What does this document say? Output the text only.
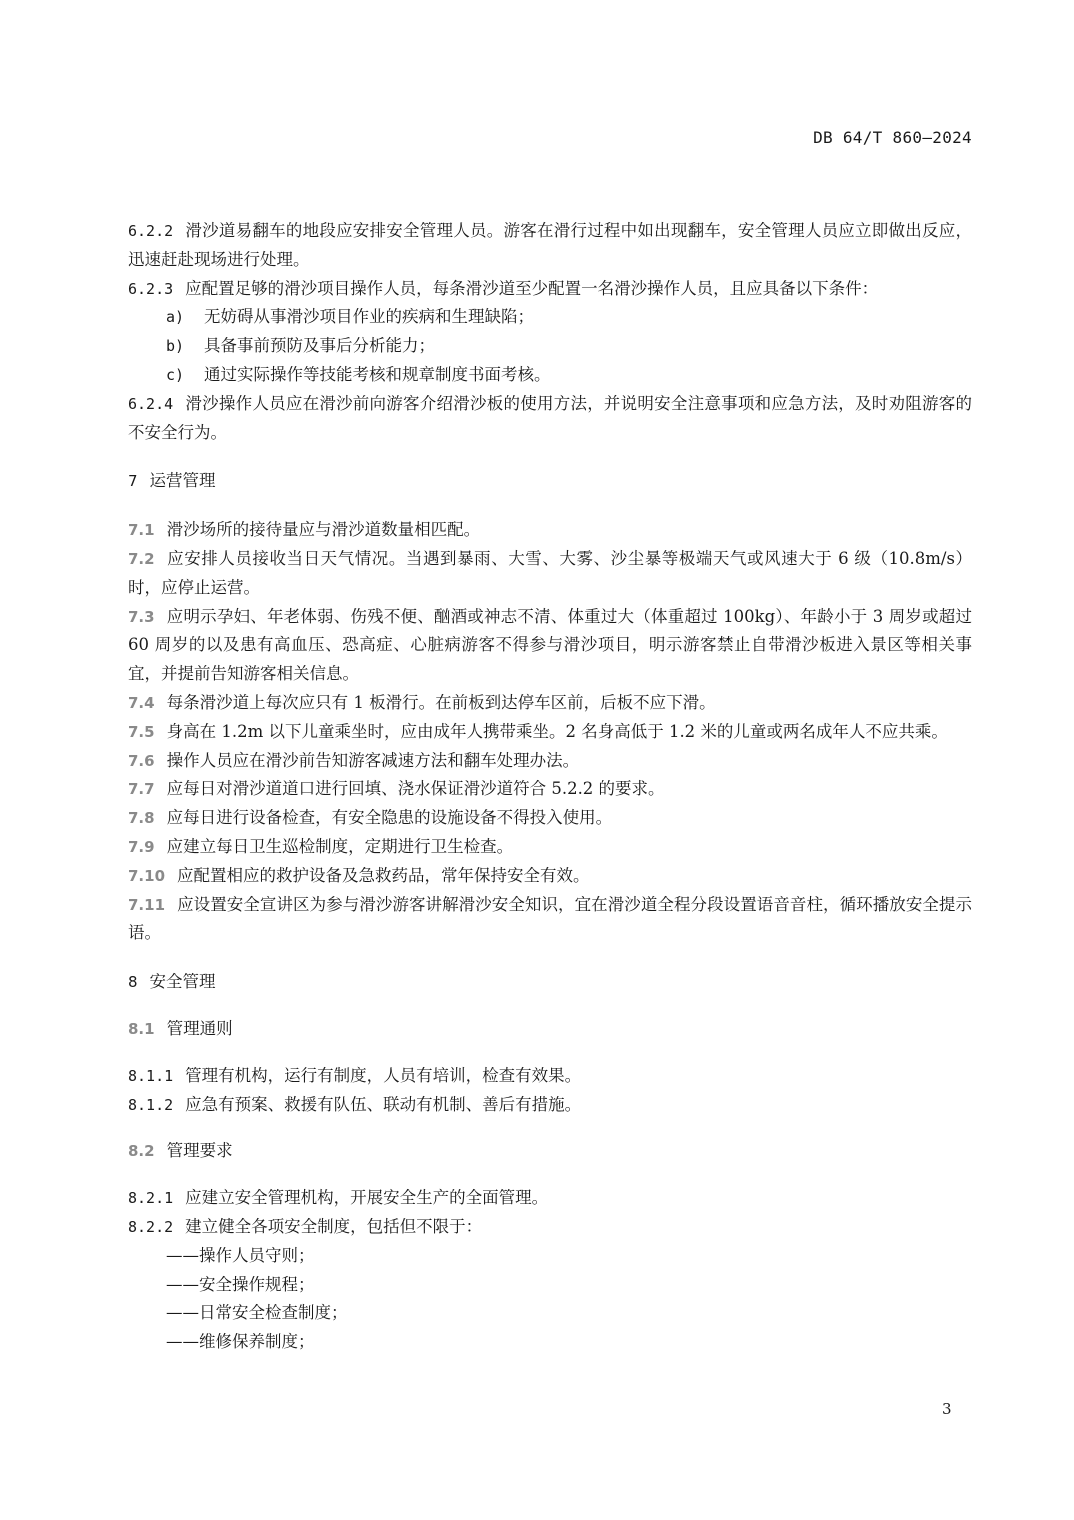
DB 64/T 860—2024

6.2.2 滑沙道易翻车的地段应安排安全管理人员。游客在滑行过程中如出现翻车，安全管理人员应立即做出反应，迅速赶赴现场进行处理。

6.2.3 应配置足够的滑沙项目操作人员，每条滑沙道至少配置一名滑沙操作人员，且应具备以下条件：

a) 无妨碍从事滑沙项目作业的疾病和生理缺陷；

b) 具备事前预防及事后分析能力；

c) 通过实际操作等技能考核和规章制度书面考核。

6.2.4 滑沙操作人员应在滑沙前向游客介绍滑沙板的使用方法，并说明安全注意事项和应急方法，及时劝阻游客的不安全行为。

7 运营管理

7.1 滑沙场所的接待量应与滑沙道数量相匹配。

7.2 应安排人员接收当日天气情况。当遇到暴雨、大雪、大雾、沙尘暴等极端天气或风速大于 6 级（10.8m/s）时，应停止运营。

7.3 应明示孕妇、年老体弱、伤残不便、酗酒或神志不清、体重过大（体重超过 100kg）、年龄小于 3 周岁或超过 60 周岁的以及患有高血压、恐高症、心脏病游客不得参与滑沙项目，明示游客禁止自带滑沙板进入景区等相关事宜，并提前告知游客相关信息。

7.4 每条滑沙道上每次应只有 1 板滑行。在前板到达停车区前，后板不应下滑。

7.5 身高在 1.2m 以下儿童乘坐时，应由成年人携带乘坐。2 名身高低于 1.2 米的儿童或两名成年人不应共乘。

7.6 操作人员应在滑沙前告知游客减速方法和翻车处理办法。

7.7 应每日对滑沙道道口进行回填、浇水保证滑沙道符合 5.2.2 的要求。

7.8 应每日进行设备检查，有安全隐患的设施设备不得投入使用。

7.9 应建立每日卫生巡检制度，定期进行卫生检查。

7.10 应配置相应的救护设备及急救药品，常年保持安全有效。

7.11 应设置安全宣讲区为参与滑沙游客讲解滑沙安全知识，宜在滑沙道全程分段设置语音音柱，循环播放安全提示语。

8 安全管理

8.1 管理通则

8.1.1 管理有机构，运行有制度，人员有培训，检查有效果。

8.1.2 应急有预案、救援有队伍、联动有机制、善后有措施。

8.2 管理要求

8.2.1 应建立安全管理机构，开展安全生产的全面管理。

8.2.2 建立健全各项安全制度，包括但不限于：

——操作人员守则；

——安全操作规程；

——日常安全检查制度；

——维修保养制度；

3
